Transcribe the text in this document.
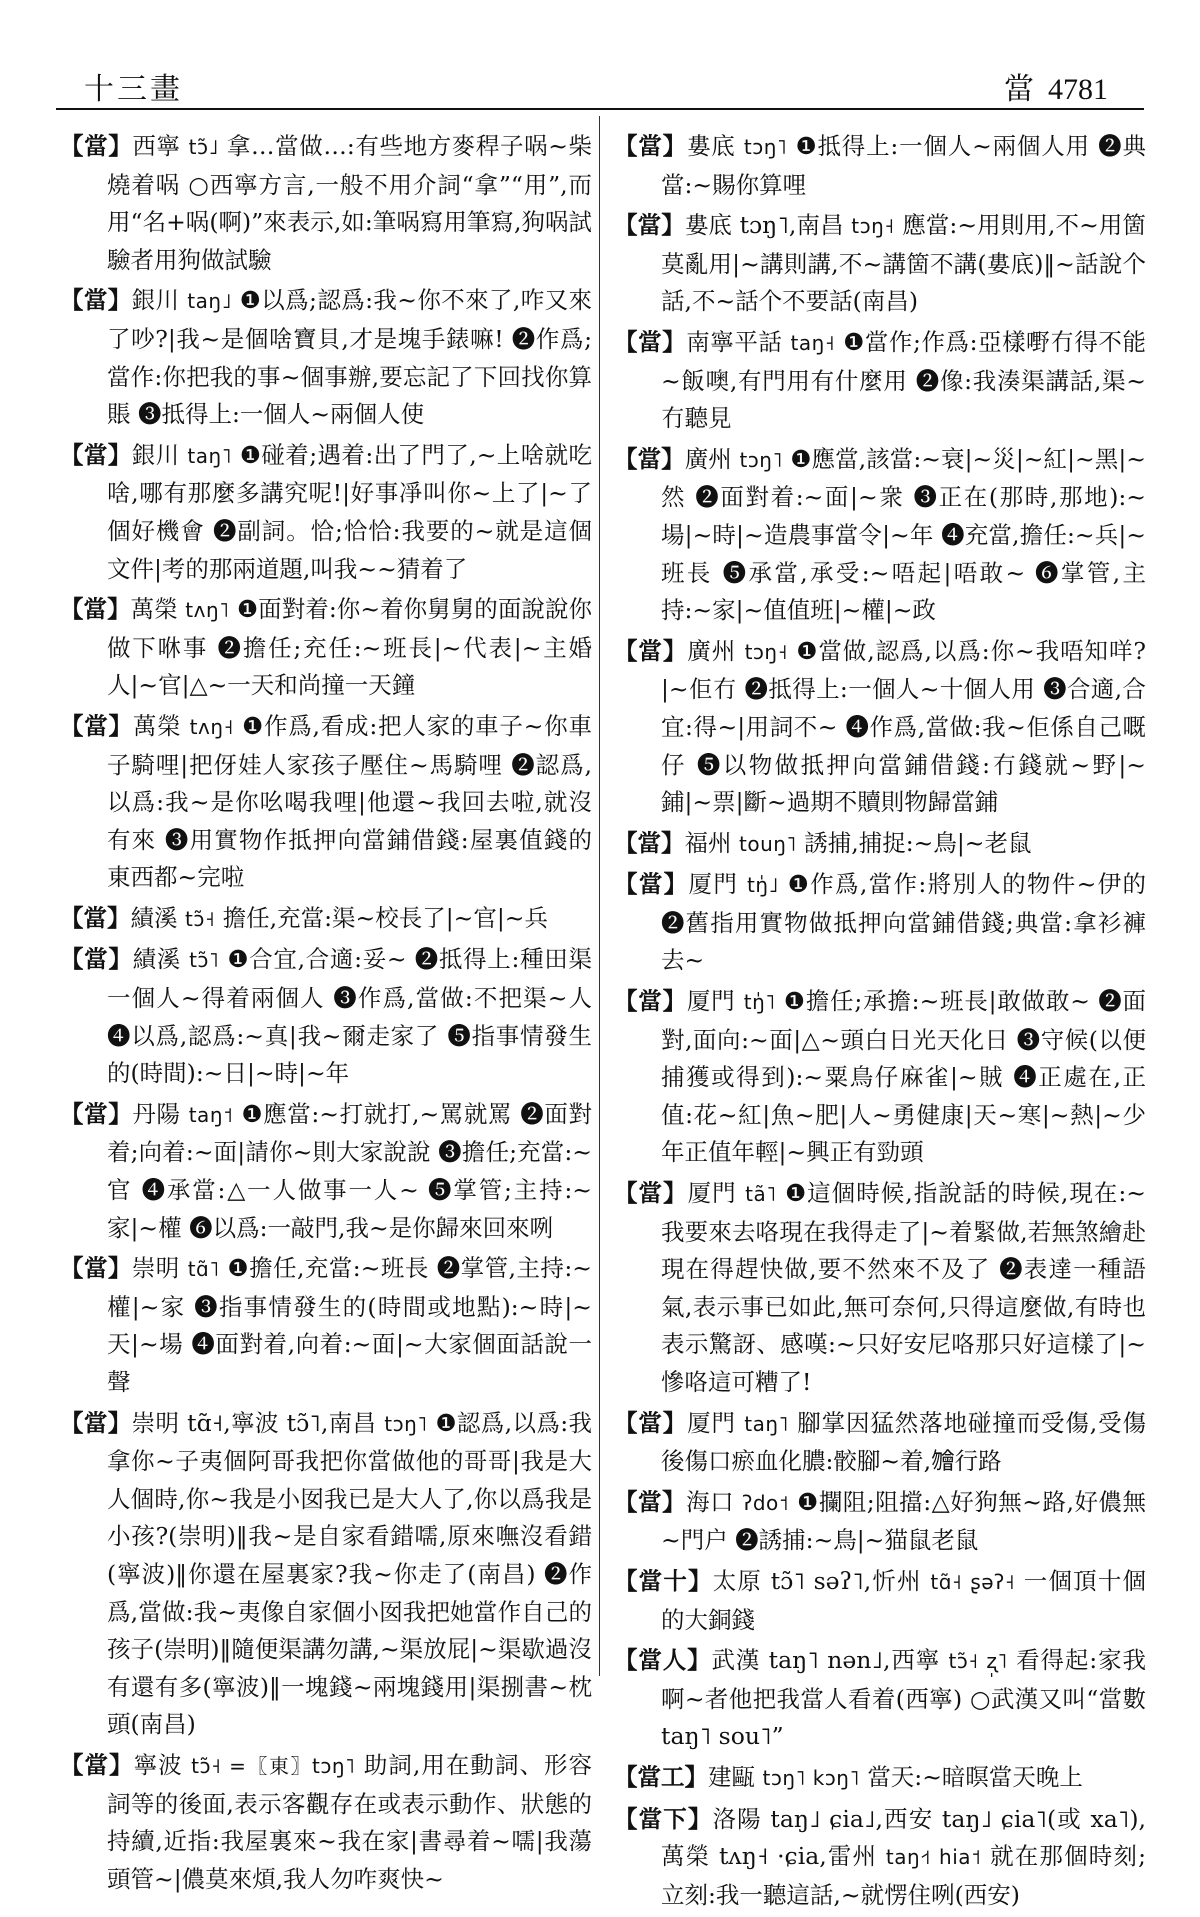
十三畫	當 4781

【當】西寧 tɔ̃˩ 拿…當做…:有些地方麥稈子㖞~柴燒着㖞 ○西寧方言,一般不用介詞“拿”“用”,而用“名+㖞(啊)”來表示,如:筆㖞寫用筆寫,狗㖞試驗者用狗做試驗

【當】銀川 taŋ˩ ❶以爲;認爲:我~你不來了,咋又來了吵?|我~是個啥寶貝,才是塊手錶嘛! ❷作爲;當作:你把我的事~個事辦,要忘記了下回找你算賬 ❸抵得上:一個人~兩個人使

【當】銀川 taŋ˥ ❶碰着;遇着:出了門了,~上啥就吃啥,哪有那麼多講究呢!|好事凈叫你~上了|~了個好機會 ❷副詞。恰;恰恰:我要的~就是這個文件|考的那兩道題,叫我~~猜着了

【當】萬榮 tʌŋ˥ ❶面對着:你~着你舅舅的面說說你做下咻事 ❷擔任;充任:~班長|~代表|~主婚人|~官|△~一天和尚撞一天鐘

【當】萬榮 tʌŋ˧ ❶作爲,看成:把人家的車子~你車子騎哩|把伢娃人家孩子壓住~馬騎哩 ❷認爲,以爲:我~是你吆喝我哩|他還~我回去啦,就沒有來 ❸用實物作抵押向當鋪借錢:屋裏值錢的東西都~完啦

【當】績溪 tɔ̃˧ 擔任,充當:渠~校長了|~官|~兵

【當】績溪 tɔ̃˥ ❶合宜,合適:妥~ ❷抵得上:種田渠一個人~得着兩個人 ❸作爲,當做:不把渠~人 ❹以爲,認爲:~真|我~爾走家了 ❺指事情發生的(時間):~日|~時|~年

【當】丹陽 taŋ˦ ❶應當:~打就打,~罵就罵 ❷面對着;向着:~面|請你~則大家說說 ❸擔任;充當:~官 ❹承當:△一人做事一人~ ❺掌管;主持:~家|~權 ❻以爲:一敲門,我~是你歸來回來咧

【當】崇明 tɑ̃˥ ❶擔任,充當:~班長 ❷掌管,主持:~權|~家 ❸指事情發生的(時間或地點):~時|~天|~場 ❹面對着,向着:~面|~大家個面話說一聲

【當】崇明 tɑ̃˧,寧波 tɔ̃˥,南昌 tɔŋ˥ ❶認爲,以爲:我拿你~子夷個阿哥我把你當做他的哥哥|我是大人個時,你~我是小囡我已是大人了,你以爲我是小孩?(崇明)‖我~是自家看錯嚅,原來嘸沒看錯(寧波)‖你還在屋裏家?我~你走了(南昌) ❷作爲,當做:我~夷像自家個小囡我把她當作自己的孩子(崇明)‖隨便渠講勿講,~渠放屁|~渠歇過沒有還有多(寧波)‖一塊錢~兩塊錢用|渠捌書~枕頭(南昌)

【當】寧波 tɔ̃˧ =〖東〗tɔŋ˥ 助詞,用在動詞、形容詞等的後面,表示客觀存在或表示動作、狀態的持續,近指:我屋裏來~我在家|書尋着~嚅|我蕩頭管~|儂莫來煩,我人勿咋爽快~

【當】婁底 tɔŋ˥ ❶抵得上:一個人~兩個人用 ❷典當:~賜你算哩

【當】婁底 tɔŋ˥,南昌 tɔŋ˧ 應當:~用則用,不~用箇莫亂用|~講則講,不~講箇不講(婁底)‖~話說个話,不~話个不要話(南昌)

【當】南寧平話 taŋ˧ ❶當作;作爲:亞樣嘢冇得不能~飯噢,有門用有什麼用 ❷像:我湊渠講話,渠~冇聽見

【當】廣州 tɔŋ˥ ❶應當,該當:~衰|~災|~紅|~黑|~然 ❷面對着:~面|~衆 ❸正在(那時,那地):~場|~時|~造農事當令|~年 ❹充當,擔任:~兵|~班長 ❺承當,承受:~唔起|唔敢~ ❻掌管,主持:~家|~值值班|~權|~政

【當】廣州 tɔŋ˧ ❶當做,認爲,以爲:你~我唔知咩?|~佢冇 ❷抵得上:一個人~十個人用 ❸合適,合宜:得~|用詞不~ ❹作爲,當做:我~佢係自己嘅仔 ❺以物做抵押向當鋪借錢:冇錢就~野|~鋪|~票|斷~過期不贖則物歸當鋪

【當】福州 touŋ˥ 誘捕,捕捉:~鳥|~老鼠

【當】厦門 tŋ̍˩ ❶作爲,當作:將別人的物件~伊的 ❷舊指用實物做抵押向當鋪借錢;典當:拿衫褲去~

【當】厦門 tŋ̍˥ ❶擔任;承擔:~班長|敢做敢~ ❷面對,面向:~面|△~頭白日光天化日 ❸守候(以便捕獲或得到):~粟鳥仔麻雀|~賊 ❹正處在,正值:花~紅|魚~肥|人~勇健康|天~寒|~熱|~少年正值年輕|~興正有勁頭

【當】厦門 tã˥ ❶這個時候,指說話的時候,現在:~我要來去咯現在我得走了|~着緊做,若無煞繪赴現在得趕快做,要不然來不及了 ❷表達一種語氣,表示事已如此,無可奈何,只得這麼做,有時也表示驚訝、感嘆:~只好安尼咯那只好這樣了|~慘咯這可糟了!

【當】厦門 taŋ˥ 腳掌因猛然落地碰撞而受傷,受傷後傷口瘀血化膿:骹腳~着,𣍐行路

【當】海口 ʔdo˦ ❶攔阻;阻擋:△好狗無~路,好儂無~門户 ❷誘捕:~鳥|~猫鼠老鼠

【當十】太原 tɔ̃˥ səʔ˥,忻州 tɑ̃˧ ʂəʔ˧ 一個頂十個的大銅錢

【當人】武漢 taŋ˥ nən˩,西寧 tɔ̃˧ ʐ̩˥ 看得起:家我啊~者他把我當人看着(西寧) ○武漢又叫“當數 taŋ˥ sou˥”

【當工】建甌 tɔŋ˥ kɔŋ˥ 當天:~暗暝當天晚上

【當下】洛陽 taŋ˩ ɕia˩,西安 taŋ˩ ɕia˥(或 xa˥),萬榮 tʌŋ˧ ·ɕia,雷州 taŋ˧˦ hia˦ 就在那個時刻;立刻:我一聽這話,~就愣住咧(西安)
